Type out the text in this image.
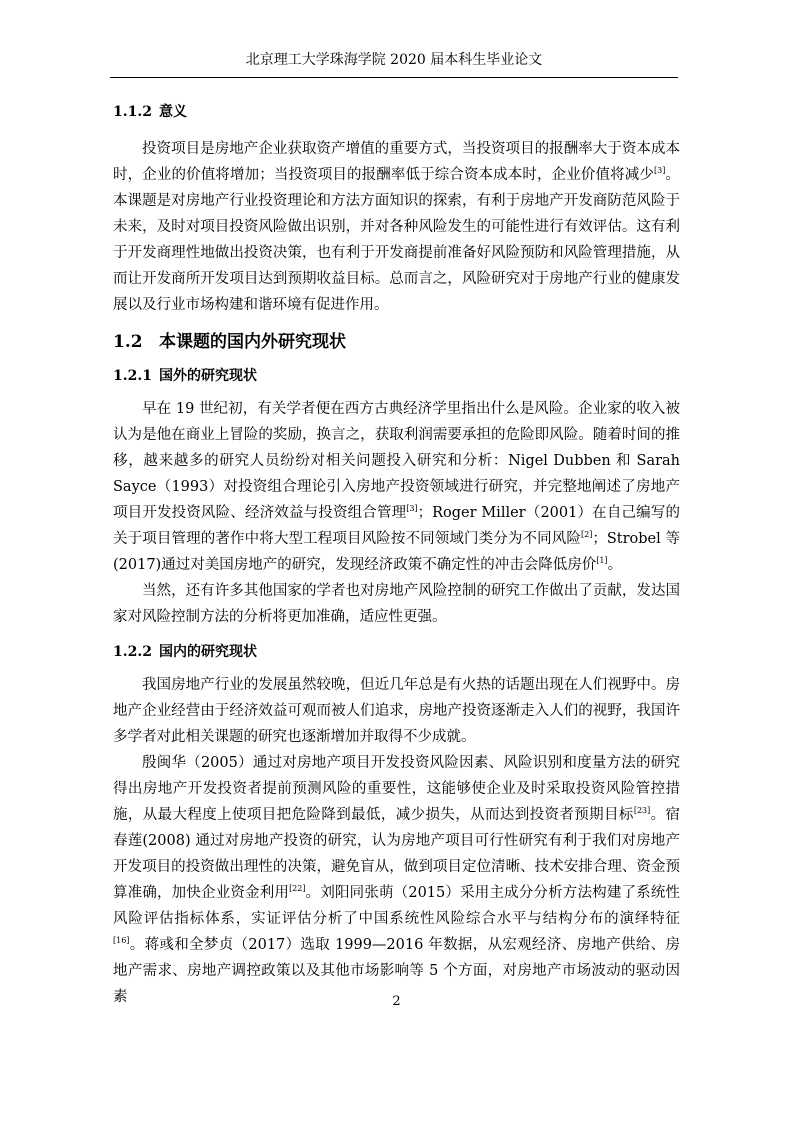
北京理工大学珠海学院 2020 届本科生毕业论文
1.1.2 意义

投资项目是房地产企业获取资产增值的重要方式，当投资项目的报酬率大于资本成本时，企业的价值将增加；当投资项目的报酬率低于综合资本成本时，企业价值将减少[3]。本课题是对房地产行业投资理论和方法方面知识的探索，有利于房地产开发商防范风险于未来，及时对项目投资风险做出识别，并对各种风险发生的可能性进行有效评估。这有利于开发商理性地做出投资决策，也有利于开发商提前准备好风险预防和风险管理措施，从而让开发商所开发项目达到预期收益目标。总而言之，风险研究对于房地产行业的健康发展以及行业市场构建和谐环境有促进作用。

1.2 本课题的国内外研究现状
1.2.1 国外的研究现状

早在 19 世纪初，有关学者便在西方古典经济学里指出什么是风险。企业家的收入被认为是他在商业上冒险的奖励，换言之，获取利润需要承担的危险即风险。随着时间的推移，越来越多的研究人员纷纷对相关问题投入研究和分析：Nigel Dubben 和 Sarah Sayce（1993）对投资组合理论引入房地产投资领域进行研究，并完整地阐述了房地产项目开发投资风险、经济效益与投资组合管理[3]；Roger Miller（2001）在自己编写的关于项目管理的著作中将大型工程项目风险按不同领域门类分为不同风险[2]；Strobel 等 (2017)通过对美国房地产的研究，发现经济政策不确定性的冲击会降低房价[1]。

当然，还有许多其他国家的学者也对房地产风险控制的研究工作做出了贡献，发达国家对风险控制方法的分析将更加准确，适应性更强。

1.2.2 国内的研究现状

我国房地产行业的发展虽然较晚，但近几年总是有火热的话题出现在人们视野中。房地产企业经营由于经济效益可观而被人们追求，房地产投资逐渐走入人们的视野，我国许多学者对此相关课题的研究也逐渐增加并取得不少成就。

殷闽华（2005）通过对房地产项目开发投资风险因素、风险识别和度量方法的研究得出房地产开发投资者提前预测风险的重要性，这能够使企业及时采取投资风险管控措施，从最大程度上使项目把危险降到最低，减少损失，从而达到投资者预期目标[23]。宿春莲(2008) 通过对房地产投资的研究，认为房地产项目可行性研究有利于我们对房地产开发项目的投资做出理性的决策，避免盲从，做到项目定位清晰、技术安排合理、资金预算准确，加快企业资金利用[22]。刘阳同张萌（2015）采用主成分分析方法构建了系统性风险评估指标体系，实证评估分析了中国系统性风险综合水平与结构分布的演绎特征[16]。蒋彧和全梦贞（2017）选取 1999—2016 年数据，从宏观经济、房地产供给、房地产需求、房地产调控政策以及其他市场影响等 5 个方面，对房地产市场波动的驱动因素	2
